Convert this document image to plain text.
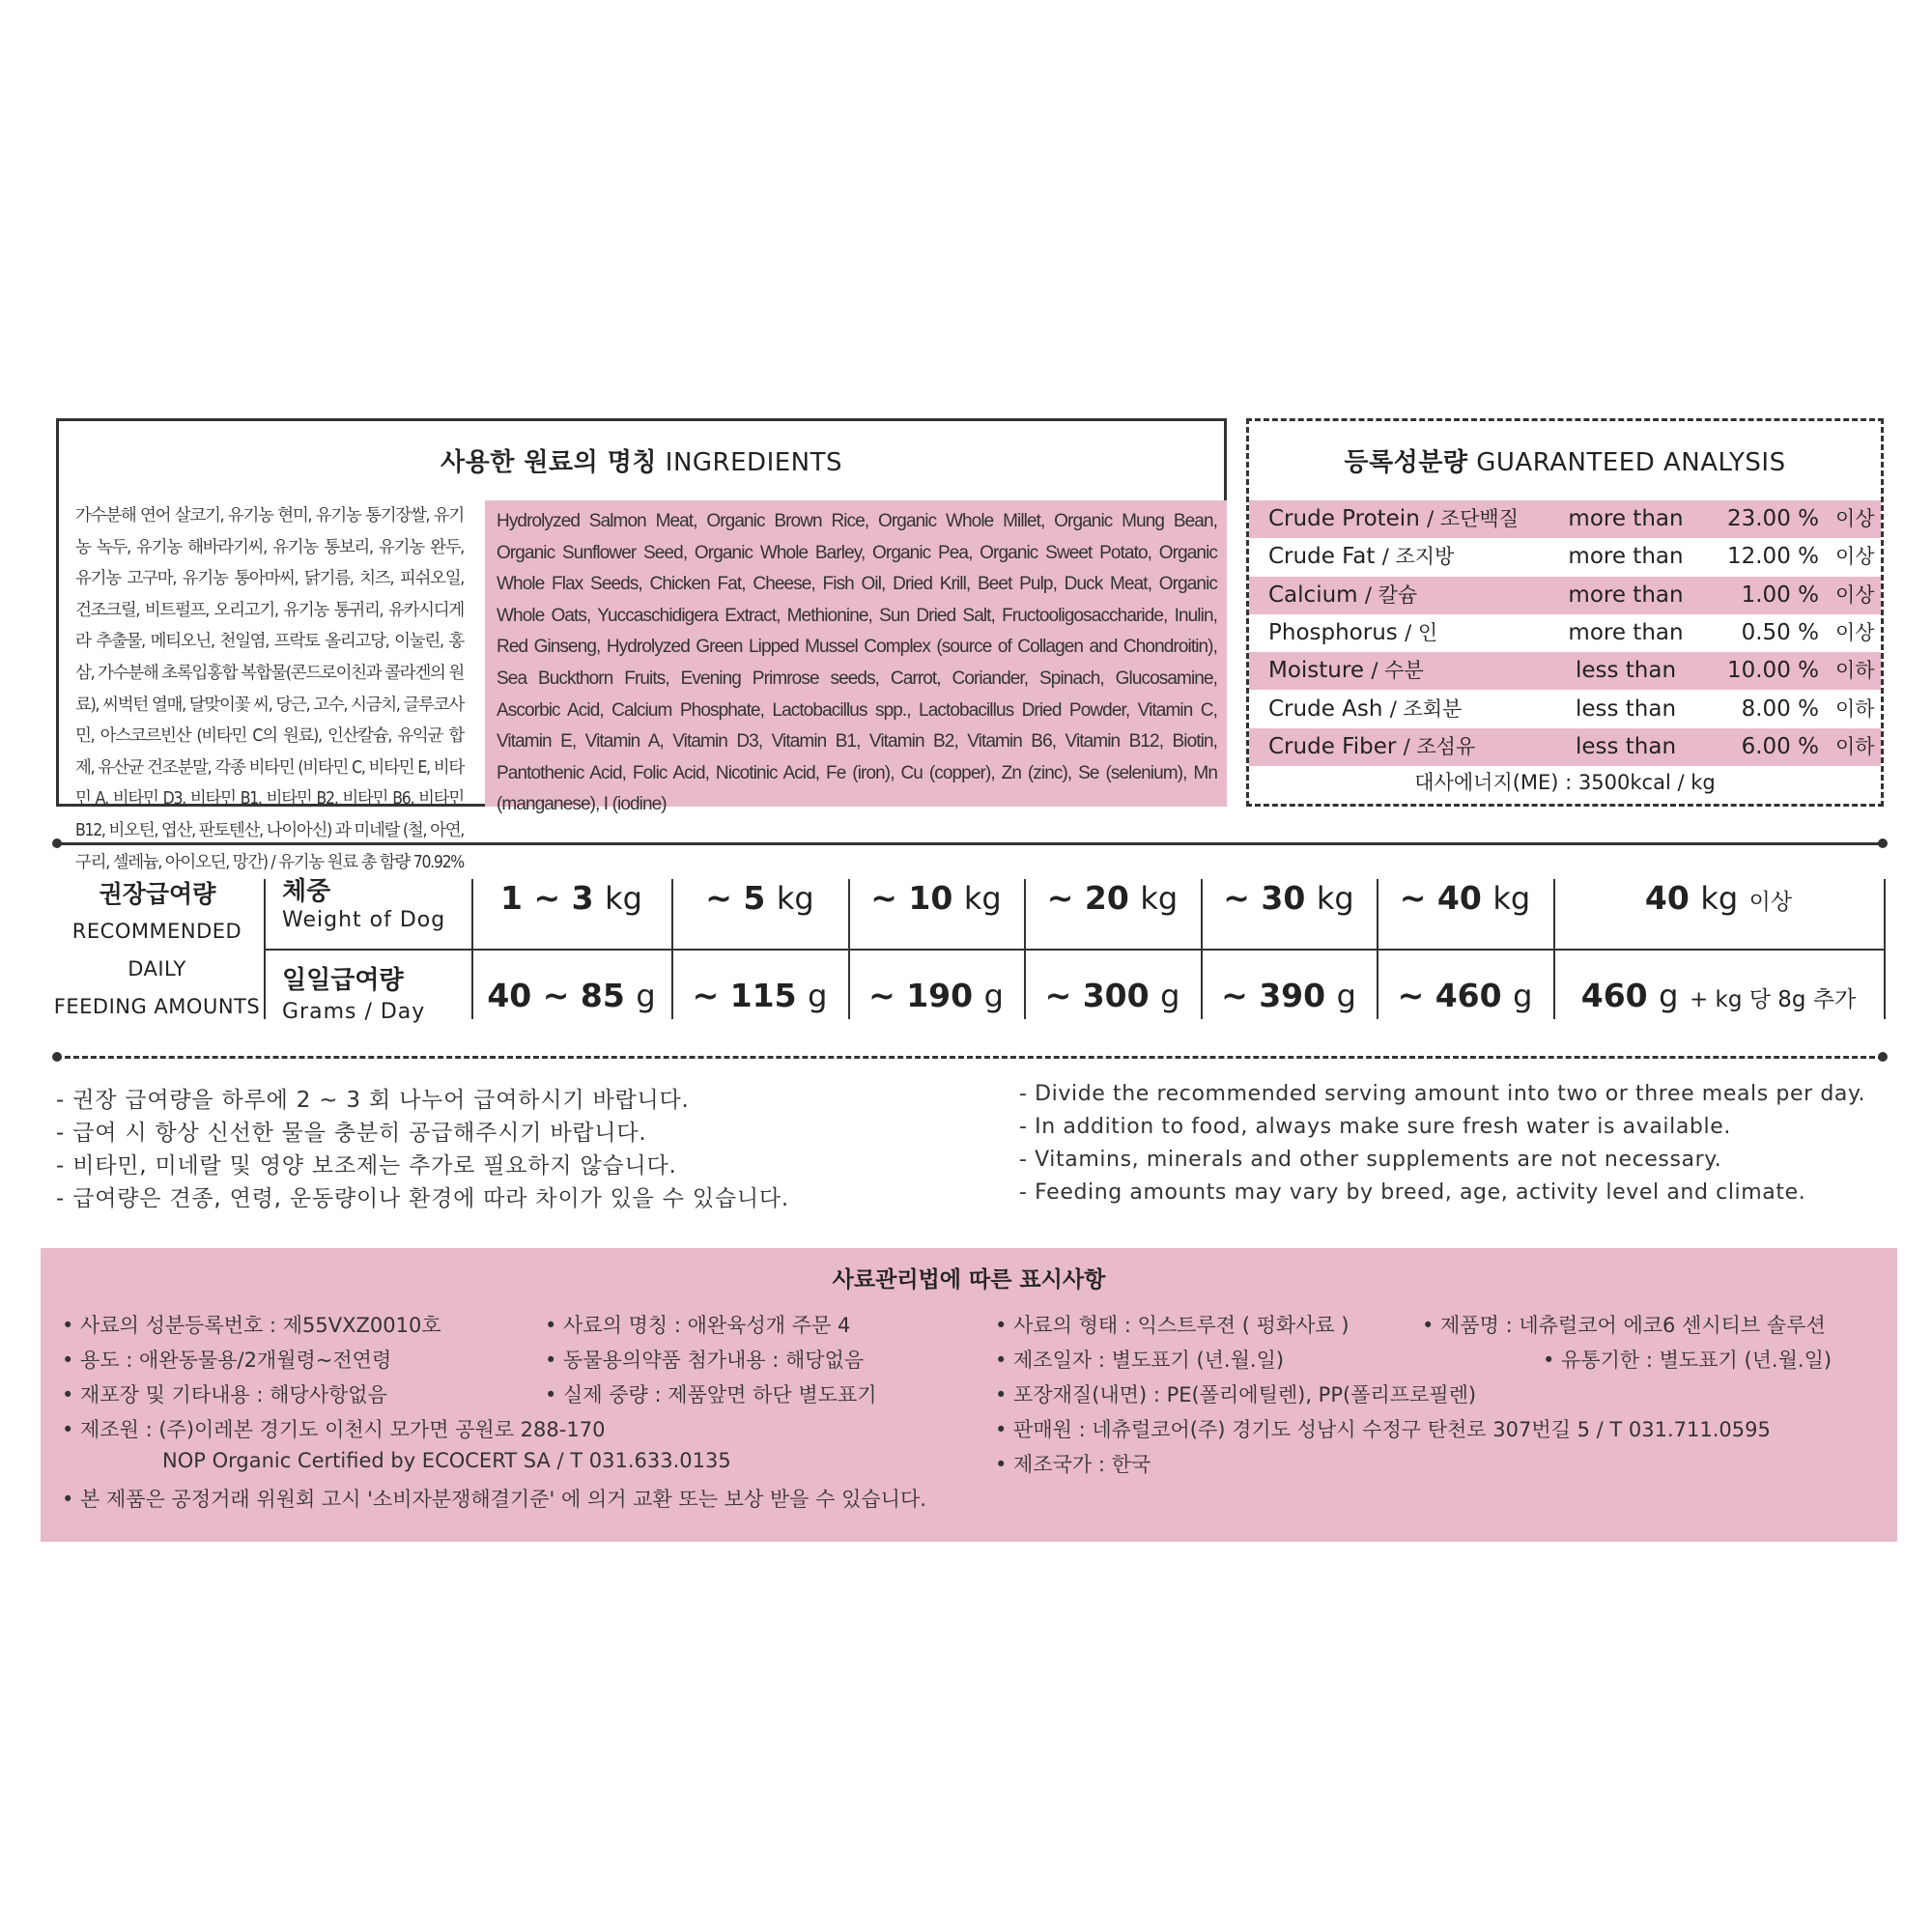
사용한 원료의 명칭 INGREDIENTS
가수분해 연어 살코기, 유기농 현미, 유기농 통기장쌀, 유기농 녹두, 유기농 해바라기씨, 유기농 통보리, 유기농 완두, 유기농 고구마, 유기농 통아마씨, 닭기름, 치즈, 피쉬오일, 건조크릴, 비트펄프, 오리고기, 유기농 통귀리, 유카시디게라 추출물, 메티오닌, 천일염, 프락토 올리고당, 이눌린, 홍삼, 가수분해 초록입홍합 복합물(콘드로이친과 콜라겐의 원료), 씨벅턴 열매, 달맞이꽃 씨, 당근, 고수, 시금치, 글루코사민, 아스코르빈산 (비타민 C의 원료), 인산칼슘, 유익균 합제, 유산균 건조분말, 각종 비타민 (비타민 C, 비타민 E, 비타민 A, 비타민 D3, 비타민 B1, 비타민 B2, 비타민 B6, 비타민 B12, 비오틴, 엽산, 판토텐산, 나이아신) 과 미네랄 (철, 아연, 구리, 셀레늄, 아이오딘, 망간) / 유기농 원료 총 함량 70.92%
Hydrolyzed Salmon Meat, Organic Brown Rice, Organic Whole Millet, Organic Mung Bean, Organic Sunflower Seed, Organic Whole Barley, Organic Pea, Organic Sweet Potato, Organic Whole Flax Seeds, Chicken Fat, Cheese, Fish Oil, Dried Krill, Beet Pulp, Duck Meat, Organic Whole Oats, Yuccaschidigera Extract, Methionine, Sun Dried Salt, Fructooligosaccharide, Inulin, Red Ginseng, Hydrolyzed Green Lipped Mussel Complex (source of Collagen and Chondroitin), Sea Buckthorn Fruits, Evening Primrose seeds, Carrot, Coriander, Spinach, Glucosamine, Ascorbic Acid, Calcium Phosphate, Lactobacillus spp., Lactobacillus Dried Powder, Vitamin C, Vitamin E, Vitamin A, Vitamin D3, Vitamin B1, Vitamin B2, Vitamin B6, Vitamin B12, Biotin, Pantothenic Acid, Folic Acid, Nicotinic Acid, Fe (iron), Cu (copper), Zn (zinc), Se (selenium), Mn (manganese), I (iodine)
등록성분량 GUARANTEED ANALYSIS
대사에너지(ME) : 3500kcal / kg
Crude Protein / 조단백질 more than	23.00 % 이상
Crude Fat / 조지방	more than	12.00 % 이상
Calcium / 칼슘	more than	1.00 % 이상
Phosphorus / 인	more than	0.50 % 이상
Moisture / 수분	less than	10.00 % 이하
Crude Ash / 조회분	less than	8.00 % 이하
Crude Fiber / 조섬유	less than	6.00 % 이하
권장급여량
RECOMMENDED
DAILY
FEEDING AMOUNTS
체중
Weight of Dog
일일급여량
Grams / Day
1 ~ 3 kg	~ 5 kg	~ 10 kg	~ 20 kg	~ 30 kg	~ 40 kg	40 kg 이상
40 ~ 85 g	~ 115 g	~ 190 g	~ 300 g	~ 390 g	~ 460 g	460 g + kg 당 8g 추가
- 권장 급여량을 하루에 2 ~ 3 회 나누어 급여하시기 바랍니다.
- 급여 시 항상 신선한 물을 충분히 공급해주시기 바랍니다.
- 비타민, 미네랄 및 영양 보조제는 추가로 필요하지 않습니다.
- 급여량은 견종, 연령, 운동량이나 환경에 따라 차이가 있을 수 있습니다.
- Divide the recommended serving amount into two or three meals per day.
- In addition to food, always make sure fresh water is available.
- Vitamins, minerals and other supplements are not necessary.
- Feeding amounts may vary by breed, age, activity level and climate.
사료관리법에 따른 표시사항
• 사료의 성분등록번호 : 제55VXZ0010호	• 사료의 명칭 : 애완육성개 주문 4	• 사료의 형태 : 익스트루젼 ( 펑화사료 )	• 제품명 : 네츄럴코어 에코6 센시티브 솔루션
• 용도 : 애완동물용/2개월령~전연령	• 동물용의약품 첨가내용 : 해당없음	• 제조일자 : 별도표기 (년.월.일)	• 유통기한 : 별도표기 (년.월.일)
• 재포장 및 기타내용 : 해당사항없음	• 실제 중량 : 제품앞면 하단 별도표기	• 포장재질(내면) : PE(폴리에틸렌), PP(폴리프로필렌)
• 제조원 : (주)이레본 경기도 이천시 모가면 공원로 288-170	• 판매원 : 네츄럴코어(주) 경기도 성남시 수정구 탄천로 307번길 5 / T 031.711.0595
NOP Organic Certified by ECOCERT SA / T 031.633.0135	• 제조국가 : 한국
• 본 제품은 공정거래 위원회 고시 '소비자분쟁해결기준' 에 의거 교환 또는 보상 받을 수 있습니다.
